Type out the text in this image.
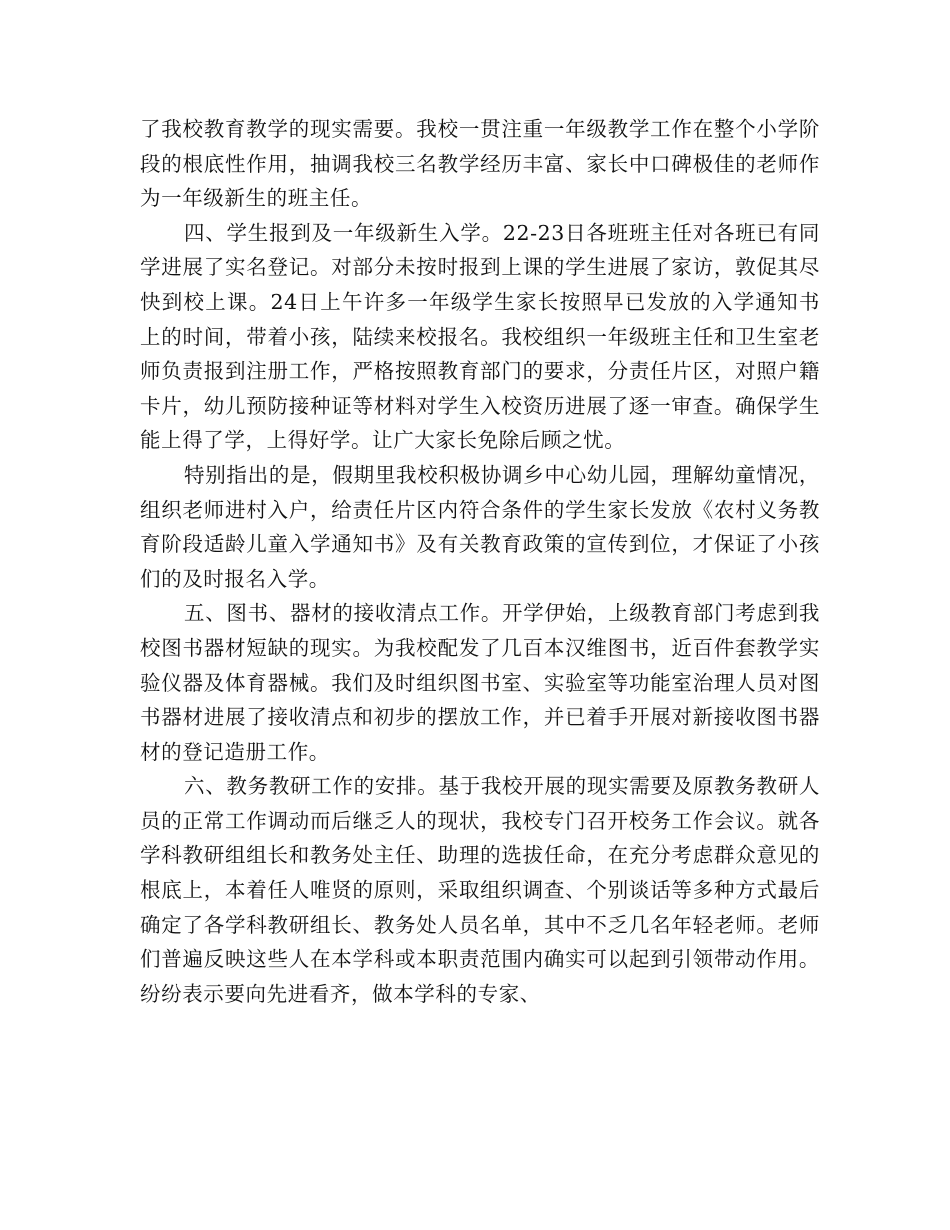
了我校教育教学的现实需要。我校一贯注重一年级教学工作在整个小学阶段的根底性作用，抽调我校三名教学经历丰富、家长中口碑极佳的老师作为一年级新生的班主任。

四、学生报到及一年级新生入学。22-23日各班班主任对各班已有同学进展了实名登记。对部分未按时报到上课的学生进展了家访，敦促其尽快到校上课。24日上午许多一年级学生家长按照早已发放的入学通知书上的时间，带着小孩，陆续来校报名。我校组织一年级班主任和卫生室老师负责报到注册工作，严格按照教育部门的要求，分责任片区，对照户籍卡片，幼儿预防接种证等材料对学生入校资历进展了逐一审查。确保学生能上得了学，上得好学。让广大家长免除后顾之忧。

特别指出的是，假期里我校积极协调乡中心幼儿园，理解幼童情况，组织老师进村入户，给责任片区内符合条件的学生家长发放《农村义务教育阶段适龄儿童入学通知书》及有关教育政策的宣传到位，才保证了小孩们的及时报名入学。

五、图书、器材的接收清点工作。开学伊始，上级教育部门考虑到我校图书器材短缺的现实。为我校配发了几百本汉维图书，近百件套教学实验仪器及体育器械。我们及时组织图书室、实验室等功能室治理人员对图书器材进展了接收清点和初步的摆放工作，并已着手开展对新接收图书器材的登记造册工作。

六、教务教研工作的安排。基于我校开展的现实需要及原教务教研人员的正常工作调动而后继乏人的现状，我校专门召开校务工作会议。就各学科教研组组长和教务处主任、助理的选拔任命，在充分考虑群众意见的根底上，本着任人唯贤的原则，采取组织调查、个别谈话等多种方式最后确定了各学科教研组长、教务处人员名单，其中不乏几名年轻老师。老师们普遍反映这些人在本学科或本职责范围内确实可以起到引领带动作用。纷纷表示要向先进看齐，做本学科的专家、
